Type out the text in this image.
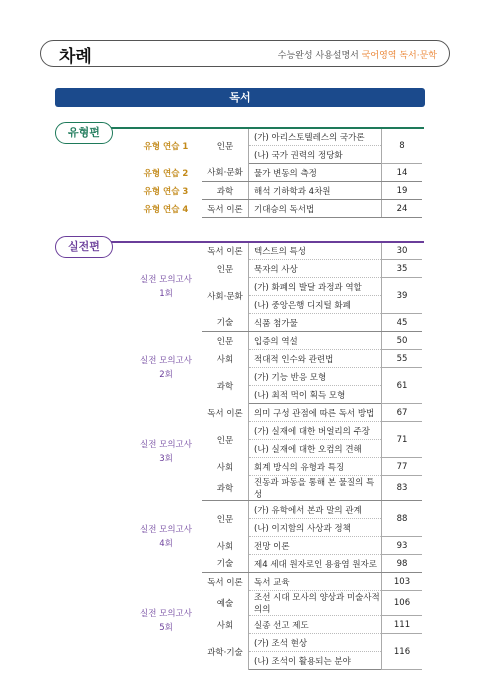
차례	수능완성 사용설명서 국어영역 독서·문학
독서
유형편
유형 연습 1	인문	(가) 아리스토텔레스의 국가론	8
		(나) 국가 권력의 정당화	
유형 연습 2	사회·문화	물가 변동의 측정	14
유형 연습 3	과학	해석 기하학과 4차원	19
유형 연습 4	독서 이론	기대승의 독서법	24
실전편
실전 모의고사
1회	독서 이론	텍스트의 특성	30
	인문	묵자의 사상	35
	사회·문화	(가) 화폐의 발달 과정과 역할	39
		(나) 중앙은행 디지털 화폐	
	기술	식품 첨가물	45
실전 모의고사
2회	인문	입증의 역설	50
	사회	적대적 인수와 관련법	55
	과학	(가) 기능 반응 모형	61
		(나) 최적 먹이 획득 모형	
실전 모의고사
3회	독서 이론	의미 구성 관점에 따른 독서 방법	67
	인문	(가) 실재에 대한 버얼리의 주장	71
		(나) 실재에 대한 오컴의 견해	
	사회	회계 방식의 유형과 특징	77
	과학	진동과 파동을 통해 본 물질의 특성	83
실전 모의고사
4회	인문	(가) 유학에서 본과 말의 관계	88
		(나) 이지함의 사상과 정책	
	사회	전망 이론	93
	기술	제4 세대 원자로인 용융염 원자로	98
실전 모의고사
5회	독서 이론	독서 교육	103
	예술	조선 시대 모사의 양상과 미술사적 의의	106
	사회	실종 선고 제도	111
	과학·기술	(가) 조석 현상	116
		(나) 조석이 활용되는 분야	
